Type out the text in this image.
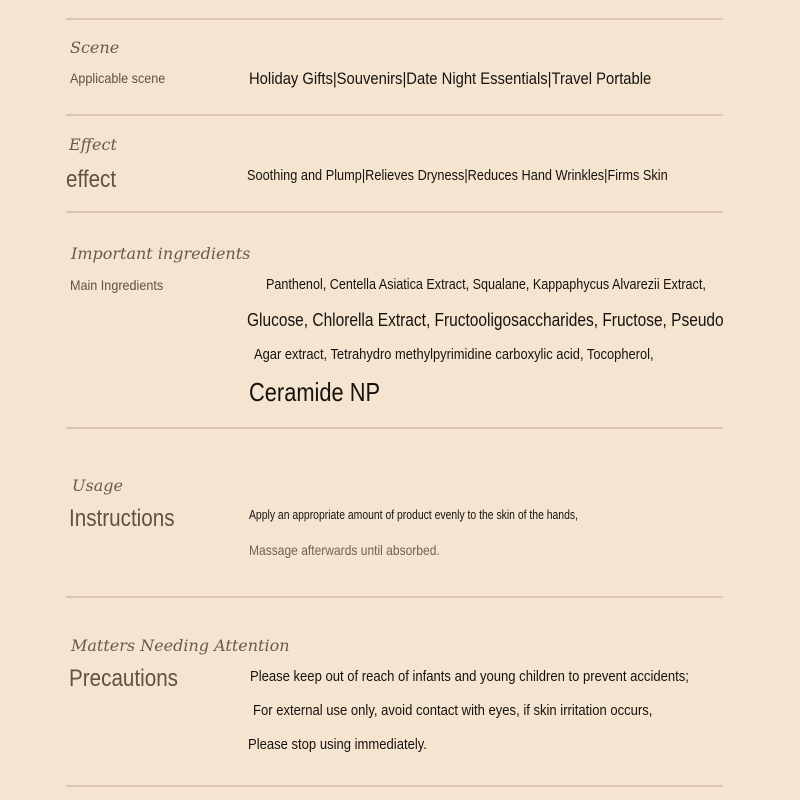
Scene

Applicable scene	Holiday Gifts|Souvenirs|Date Night Essentials|Travel Portable

Effect

effect	Soothing and Plump|Relieves Dryness|Reduces Hand Wrinkles|Firms Skin

Important ingredients

Main Ingredients	Panthenol, Centella Asiatica Extract, Squalane, Kappaphycus Alvarezii Extract,

Glucose, Chlorella Extract, Fructooligosaccharides, Fructose, Pseudo

Agar extract, Tetrahydro methylpyrimidine carboxylic acid, Tocopherol,

Ceramide NP

Usage

Instructions	Apply an appropriate amount of product evenly to the skin of the hands,

Massage afterwards until absorbed.

Matters Needing Attention

Precautions	Please keep out of reach of infants and young children to prevent accidents;

For external use only, avoid contact with eyes, if skin irritation occurs,

Please stop using immediately.
